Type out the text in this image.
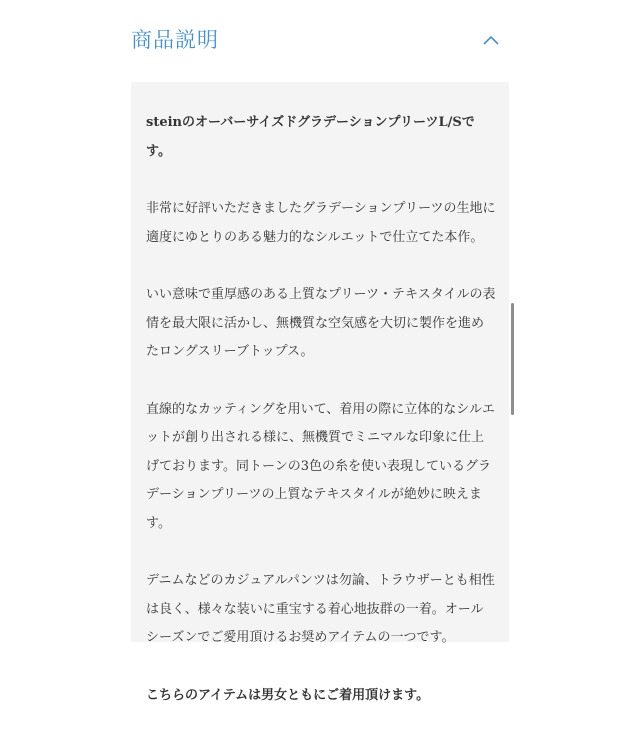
商品説明

steinのオーバーサイズドグラデーションプリーツL/Sです。

非常に好評いただきましたグラデーションプリーツの生地に適度にゆとりのある魅力的なシルエットで仕立てた本作。

いい意味で重厚感のある上質なプリーツ・テキスタイルの表情を最大限に活かし、無機質な空気感を大切に製作を進めたロングスリーブトップス。

直線的なカッティングを用いて、着用の際に立体的なシルエットが創り出される様に、無機質でミニマルな印象に仕上げております。同トーンの3色の糸を使い表現しているグラデーションプリーツの上質なテキスタイルが絶妙に映えます。

デニムなどのカジュアルパンツは勿論、トラウザーとも相性は良く、様々な装いに重宝する着心地抜群の一着。オールシーズンでご愛用頂けるお奨めアイテムの一つです。

こちらのアイテムは男女ともにご着用頂けます。
